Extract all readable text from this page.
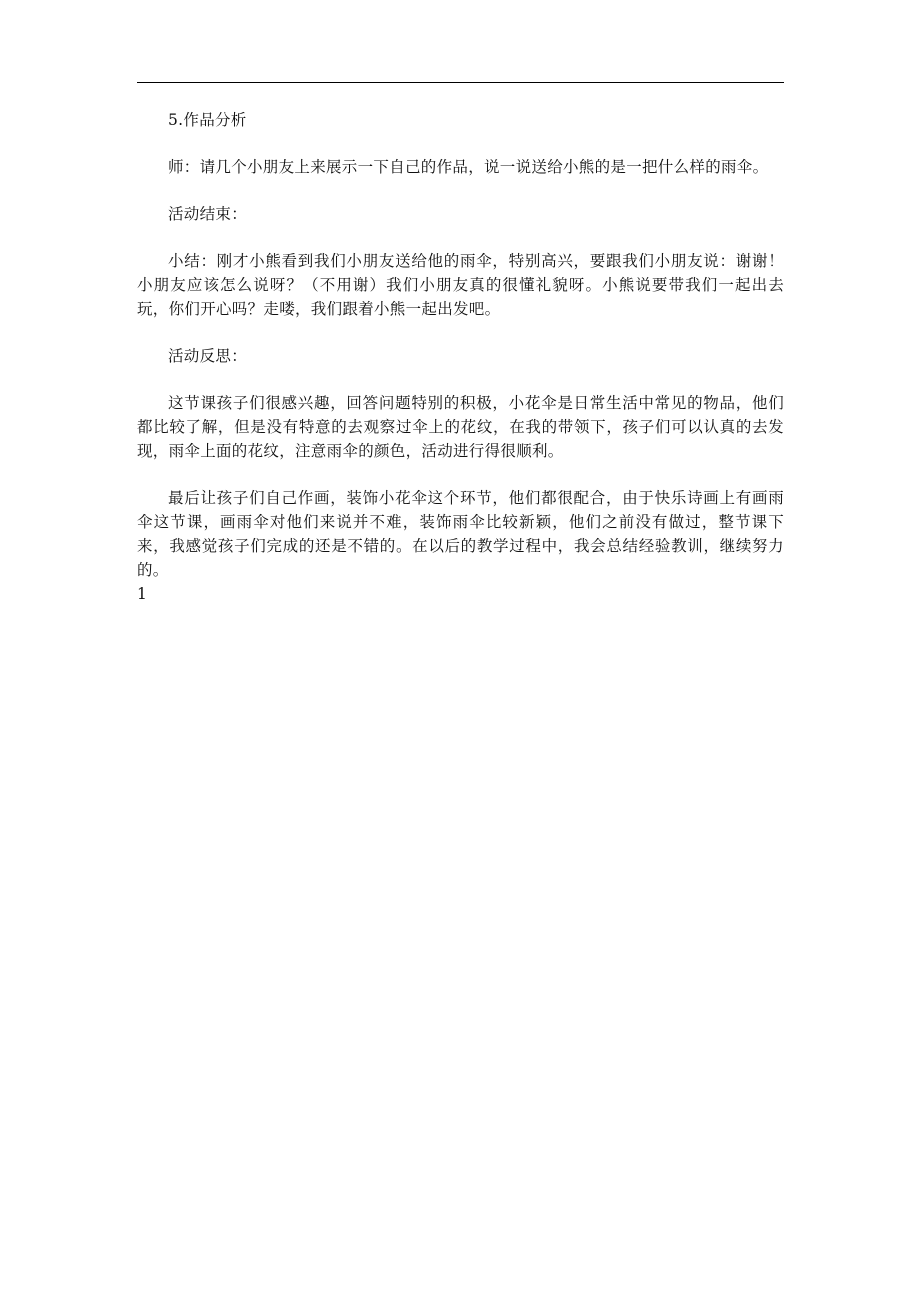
5.作品分析

师：请几个小朋友上来展示一下自己的作品，说一说送给小熊的是一把什么样的雨伞。

活动结束：

小结：刚才小熊看到我们小朋友送给他的雨伞，特别高兴，要跟我们小朋友说：谢谢！小朋友应该怎么说呀？（不用谢）我们小朋友真的很懂礼貌呀。小熊说要带我们一起出去玩，你们开心吗？走喽，我们跟着小熊一起出发吧。

活动反思：

这节课孩子们很感兴趣，回答问题特别的积极，小花伞是日常生活中常见的物品，他们都比较了解，但是没有特意的去观察过伞上的花纹，在我的带领下，孩子们可以认真的去发现，雨伞上面的花纹，注意雨伞的颜色，活动进行得很顺利。

最后让孩子们自己作画，装饰小花伞这个环节，他们都很配合，由于快乐诗画上有画雨伞这节课，画雨伞对他们来说并不难，装饰雨伞比较新颖，他们之前没有做过，整节课下来，我感觉孩子们完成的还是不错的。在以后的教学过程中，我会总结经验教训，继续努力的。

1
